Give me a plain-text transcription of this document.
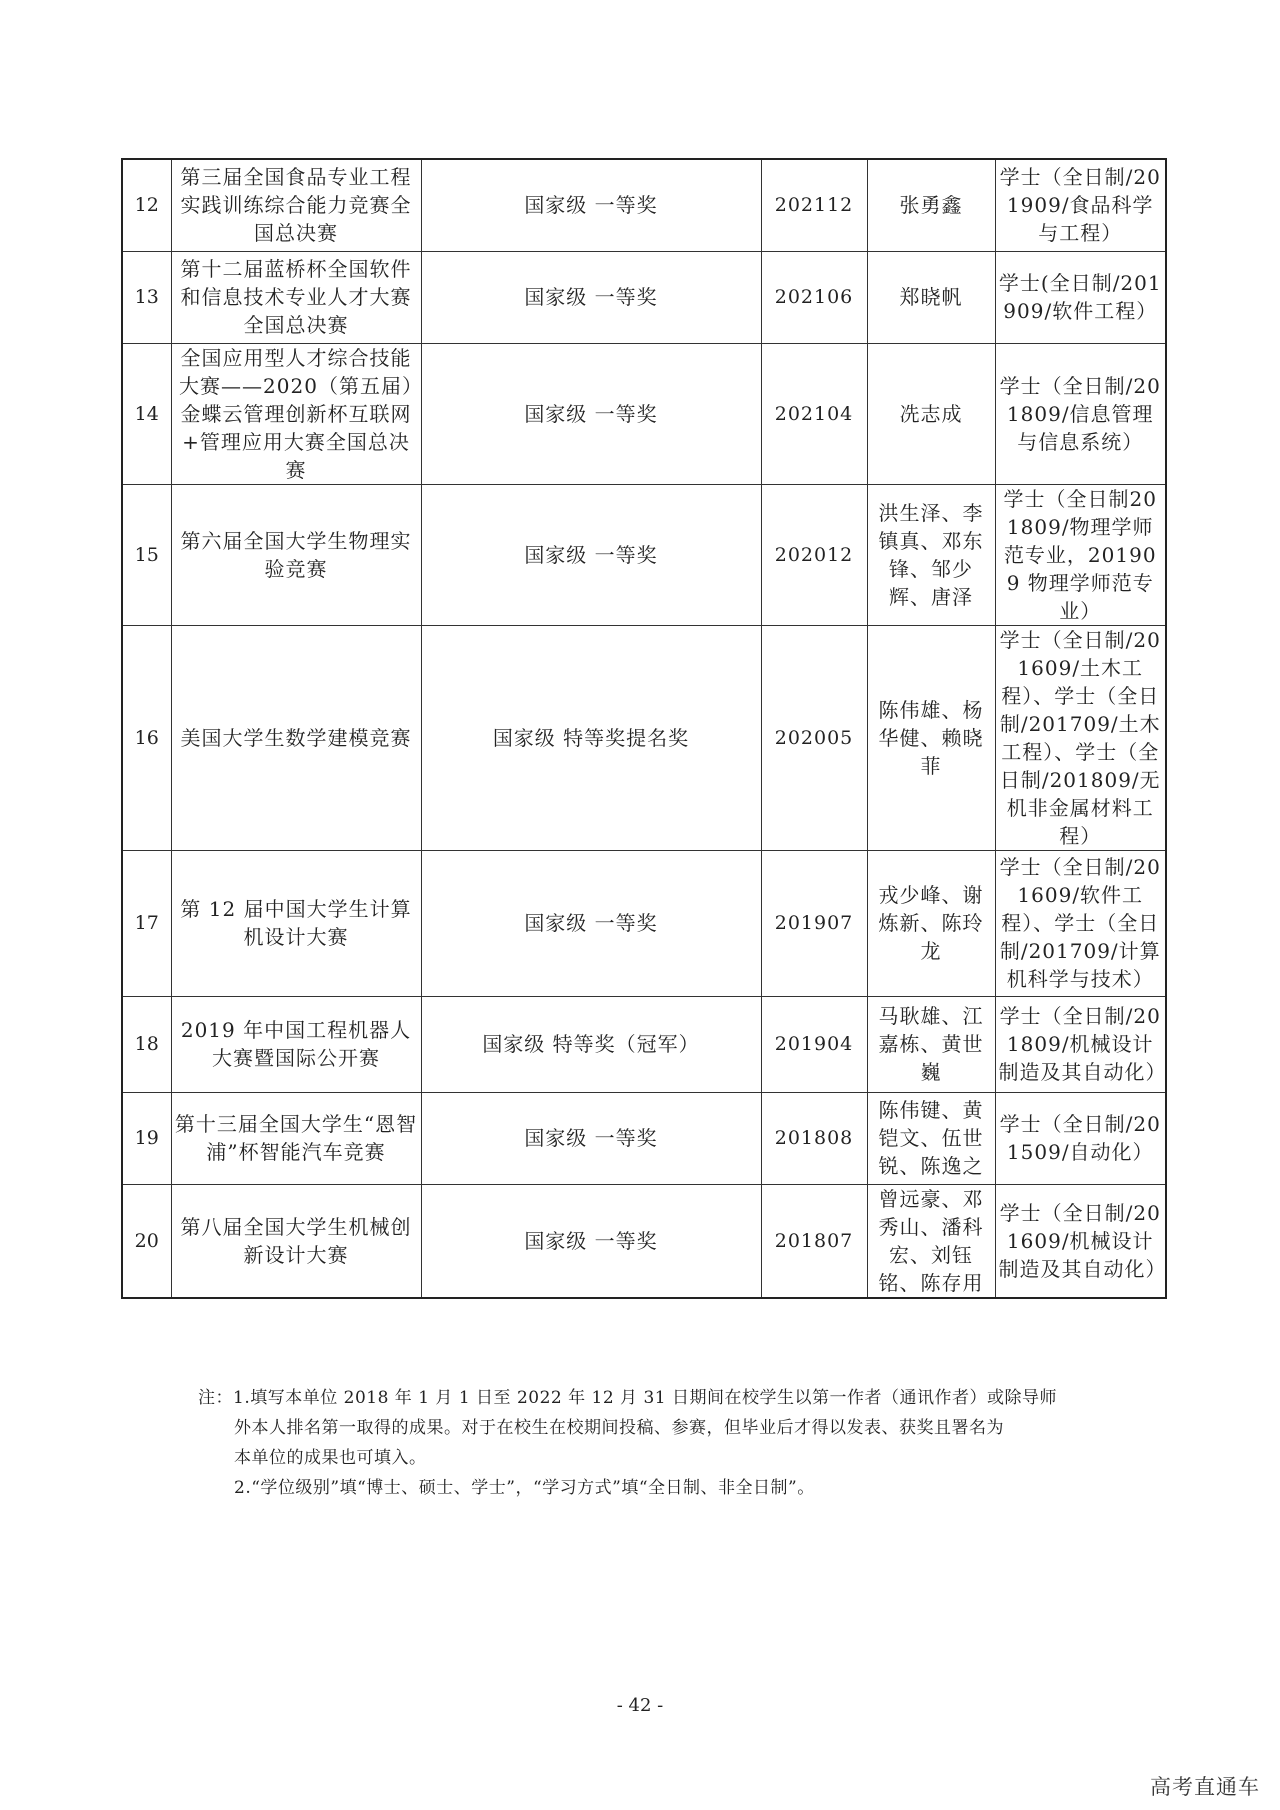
12	第三届全国食品专业工程实践训练综合能力竞赛全国总决赛	国家级 一等奖	202112	张勇鑫	学士（全日制/201909/食品科学与工程）
13	第十二届蓝桥杯全国软件和信息技术专业人才大赛全国总决赛	国家级 一等奖	202106	郑晓帆	学士(全日制/201909/软件工程）
14	全国应用型人才综合技能大赛——2020（第五届）金蝶云管理创新杯互联网+管理应用大赛全国总决赛	国家级 一等奖	202104	冼志成	学士（全日制/201809/信息管理与信息系统）
15	第六届全国大学生物理实验竞赛	国家级 一等奖	202012	洪生泽、李镇真、邓东锋、邹少辉、唐泽	学士（全日制201809/物理学师范专业，201909 物理学师范专业）
16	美国大学生数学建模竞赛	国家级 特等奖提名奖	202005	陈伟雄、杨华健、赖晓菲	学士（全日制/201609/土木工程）、学士（全日制/201709/土木工程）、学士（全日制/201809/无机非金属材料工程）
17	第 12 届中国大学生计算机设计大赛	国家级 一等奖	201907	戎少峰、谢炼新、陈玲龙	学士（全日制/201609/软件工程）、学士（全日制/201709/计算机科学与技术）
18	2019 年中国工程机器人大赛暨国际公开赛	国家级 特等奖（冠军）	201904	马耿雄、江嘉栋、黄世巍	学士（全日制/201809/机械设计制造及其自动化）
19	第十三届全国大学生“恩智浦”杯智能汽车竞赛	国家级 一等奖	201808	陈伟键、黄铠文、伍世锐、陈逸之	学士（全日制/201509/自动化）
20	第八届全国大学生机械创新设计大赛	国家级 一等奖	201807	曾远豪、邓秀山、潘科宏、刘钰铭、陈存用	学士（全日制/201609/机械设计制造及其自动化）
注：1.填写本单位 2018 年 1 月 1 日至 2022 年 12 月 31 日期间在校学生以第一作者（通讯作者）或除导师
外本人排名第一取得的成果。对于在校生在校期间投稿、参赛，但毕业后才得以发表、获奖且署名为
本单位的成果也可填入。
2.“学位级别”填“博士、硕士、学士”，“学习方式”填“全日制、非全日制”。
- 42 -
高考直通车
